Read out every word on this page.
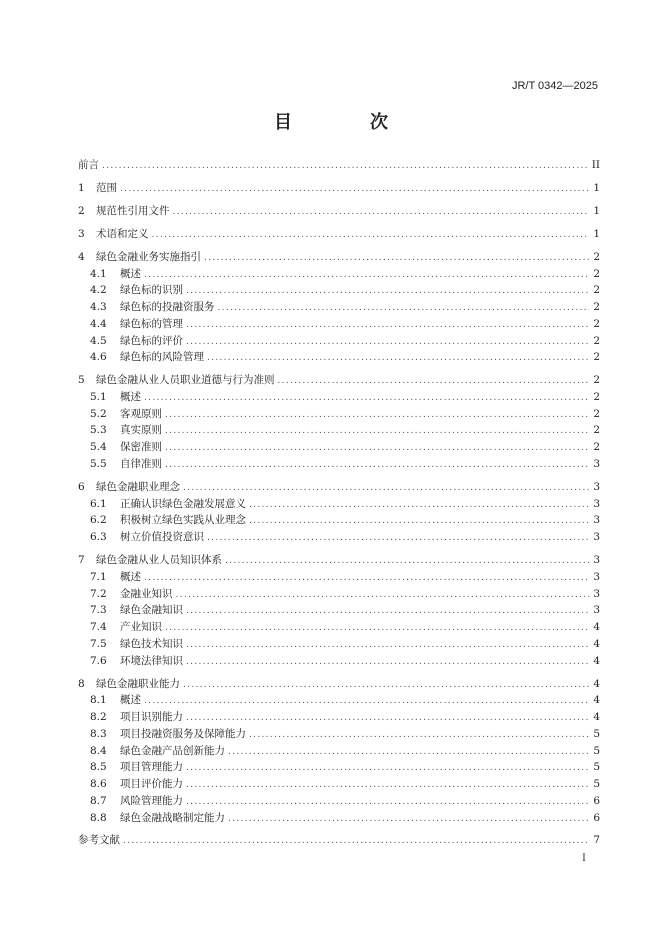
JR/T 0342—2025
目　次
前言 .....	II
1	范围 .....	1
2	规范性引用文件 .....	1
3	术语和定义 .....	1
4	绿色金融业务实施指引 .....	2
4.1	概述 .....	2
4.2	绿色标的识别 .....	2
4.3	绿色标的投融资服务 .....	2
4.4	绿色标的管理 .....	2
4.5	绿色标的评价 .....	2
4.6	绿色标的风险管理 .....	2
5	绿色金融从业人员职业道德与行为准则 .....	2
5.1	概述 .....	2
5.2	客观原则 .....	2
5.3	真实原则 .....	2
5.4	保密准则 .....	2
5.5	自律准则 .....	3
6	绿色金融职业理念 .....	3
6.1	正确认识绿色金融发展意义 .....	3
6.2	积极树立绿色实践从业理念 .....	3
6.3	树立价值投资意识 .....	3
7	绿色金融从业人员知识体系 .....	3
7.1	概述 .....	3
7.2	金融业知识 .....	3
7.3	绿色金融知识 .....	3
7.4	产业知识 .....	4
7.5	绿色技术知识 .....	4
7.6	环境法律知识 .....	4
8	绿色金融职业能力 .....	4
8.1	概述 .....	4
8.2	项目识别能力 .....	4
8.3	项目投融资服务及保障能力 .....	5
8.4	绿色金融产品创新能力 .....	5
8.5	项目管理能力 .....	5
8.6	项目评价能力 .....	5
8.7	风险管理能力 .....	6
8.8	绿色金融战略制定能力 .....	6
参考文献 .....	7
I
